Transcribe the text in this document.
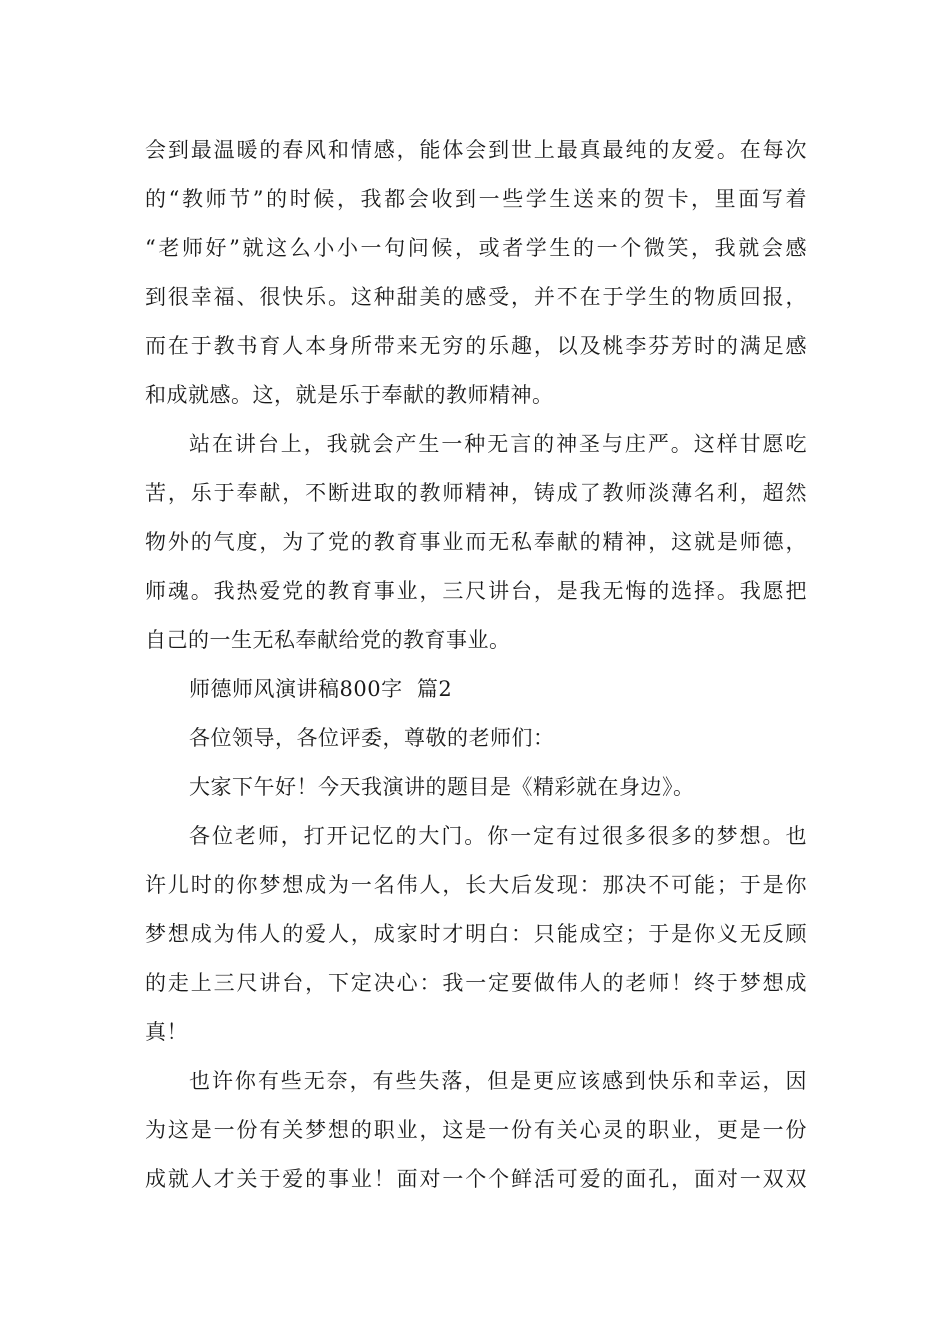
会到最温暖的春风和情感，能体会到世上最真最纯的友爱。在每次
的“教师节”的时候，我都会收到一些学生送来的贺卡，里面写着
“老师好”就这么小小一句问候，或者学生的一个微笑，我就会感
到很幸福、很快乐。这种甜美的感受，并不在于学生的物质回报，
而在于教书育人本身所带来无穷的乐趣，以及桃李芬芳时的满足感
和成就感。这，就是乐于奉献的教师精神。
站在讲台上，我就会产生一种无言的神圣与庄严。这样甘愿吃
苦，乐于奉献，不断进取的教师精神，铸成了教师淡薄名利，超然
物外的气度，为了党的教育事业而无私奉献的精神，这就是师德，
师魂。我热爱党的教育事业，三尺讲台，是我无悔的选择。我愿把
自己的一生无私奉献给党的教育事业。
师德师风演讲稿800字  篇2
各位领导，各位评委，尊敬的老师们：
大家下午好！今天我演讲的题目是《精彩就在身边》。
各位老师，打开记忆的大门。你一定有过很多很多的梦想。也
许儿时的你梦想成为一名伟人，长大后发现：那决不可能；于是你
梦想成为伟人的爱人，成家时才明白：只能成空；于是你义无反顾
的走上三尺讲台，下定决心：我一定要做伟人的老师！终于梦想成
真！
也许你有些无奈，有些失落，但是更应该感到快乐和幸运，因
为这是一份有关梦想的职业，这是一份有关心灵的职业，更是一份
成就人才关于爱的事业！面对一个个鲜活可爱的面孔，面对一双双
